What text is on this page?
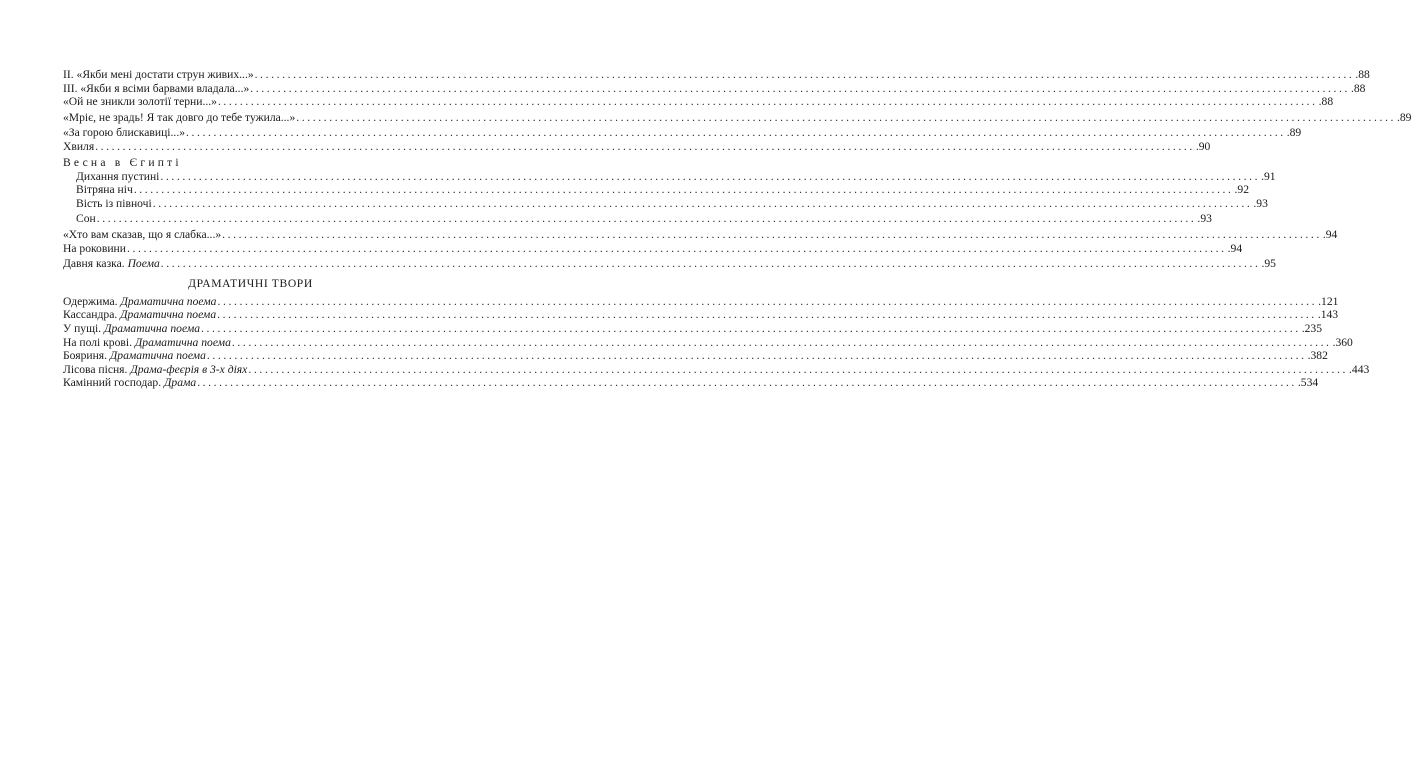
II. «Якби мені достати струн живих...» ........................................................................................................................................................................................................ .88
III. «Якби я всіми барвами владала...» ........................................................................................................................................................................................................ .88
«Ой не зникли золотії терни...» ........................................................................................................................................................................................................ .88
«Мріє, не зрадь! Я так довго до тебе тужила...» ........................................................................................................................................................................................................ .89
«За горою блискавиці...» ........................................................................................................................................................................................................ .89
Хвиля ........................................................................................................................................................................................................ .90
Весна в Єгипті
Дихання пустині ........................................................................................................................................................................................................ .91
Вітряна ніч ........................................................................................................................................................................................................ .92
Вість із півночі ........................................................................................................................................................................................................ .93
Сон ........................................................................................................................................................................................................ .93
«Хто вам сказав, що я слабка...» ........................................................................................................................................................................................................ .94
На роковини ........................................................................................................................................................................................................ .94
Давня казка. Поема ........................................................................................................................................................................................................ .95
ДРАМАТИЧНІ ТВОРИ
Одержима. Драматична поема ........................................................................................................................................................................................................ .121
Кассандра. Драматична поема ........................................................................................................................................................................................................ .143
У пущі. Драматична поема ........................................................................................................................................................................................................ .235
На полі крові. Драматична поема ........................................................................................................................................................................................................ .360
Бояриня. Драматична поема ........................................................................................................................................................................................................ .382
Лісова пісня. Драма-феєрія в 3-х діях ........................................................................................................................................................................................................ .443
Камінний господар. Драма ........................................................................................................................................................................................................ .534
